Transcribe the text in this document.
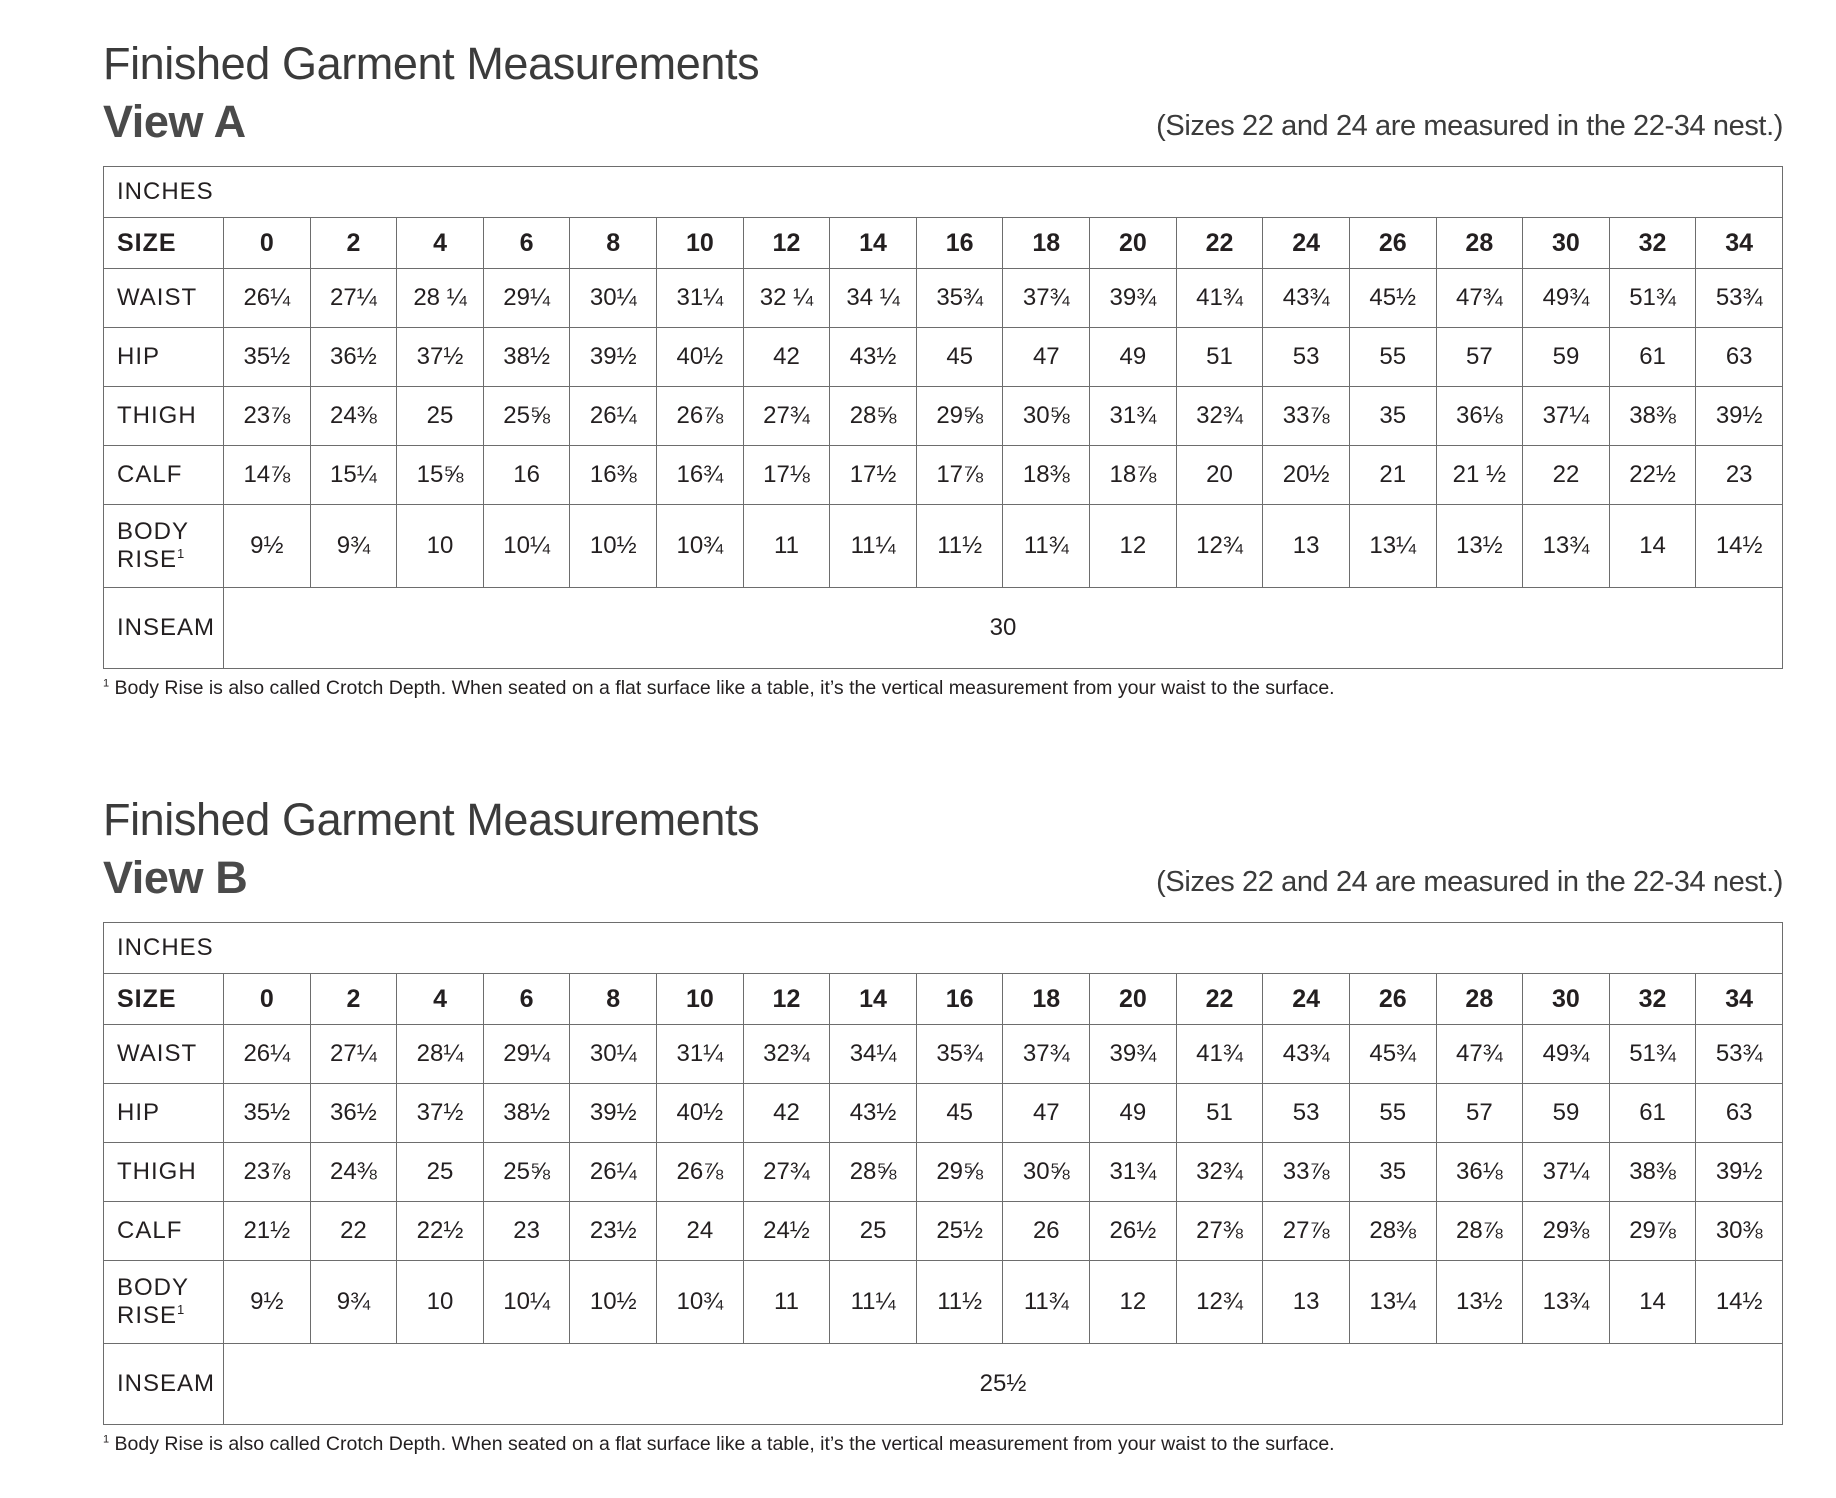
Finished Garment Measurements
View A	(Sizes 22 and 24 are measured in the 22-34 nest.)
INCHES																		
SIZE	0	2	4	6	8	10	12	14	16	18	20	22	24	26	28	30	32	34
WAIST	26¼	27¼	28 ¼	29¼	30¼	31¼	32 ¼	34 ¼	35¾	37¾	39¾	41¾	43¾	45½	47¾	49¾	51¾	53¾
HIP	35½	36½	37½	38½	39½	40½	42	43½	45	47	49	51	53	55	57	59	61	63
THIGH	23⅞	24⅜	25	25⅝	26¼	26⅞	27¾	28⅝	29⅝	30⅝	31¾	32¾	33⅞	35	36⅛	37¼	38⅜	39½
CALF	14⅞	15¼	15⅝	16	16⅜	16¾	17⅛	17½	17⅞	18⅜	18⅞	20	20½	21	21 ½	22	22½	23
BODY
RISE$^1$	9½	9¾	10	10¼	10½	10¾	11	11¼	11½	11¾	12	12¾	13	13¼	13½	13¾	14	14½
INSEAM	30																	
$^1$ Body Rise is also called Crotch Depth. When seated on a flat surface like a table, it’s the vertical measurement from your waist to the surface.
Finished Garment Measurements
View B	(Sizes 22 and 24 are measured in the 22-34 nest.)
INCHES																		
SIZE	0	2	4	6	8	10	12	14	16	18	20	22	24	26	28	30	32	34
WAIST	26¼	27¼	28¼	29¼	30¼	31¼	32¾	34¼	35¾	37¾	39¾	41¾	43¾	45¾	47¾	49¾	51¾	53¾
HIP	35½	36½	37½	38½	39½	40½	42	43½	45	47	49	51	53	55	57	59	61	63
THIGH	23⅞	24⅜	25	25⅝	26¼	26⅞	27¾	28⅝	29⅝	30⅝	31¾	32¾	33⅞	35	36⅛	37¼	38⅜	39½
CALF	21½	22	22½	23	23½	24	24½	25	25½	26	26½	27⅜	27⅞	28⅜	28⅞	29⅜	29⅞	30⅜
BODY
RISE$^1$	9½	9¾	10	10¼	10½	10¾	11	11¼	11½	11¾	12	12¾	13	13¼	13½	13¾	14	14½
INSEAM	25½																	
$^1$ Body Rise is also called Crotch Depth. When seated on a flat surface like a table, it’s the vertical measurement from your waist to the surface.
